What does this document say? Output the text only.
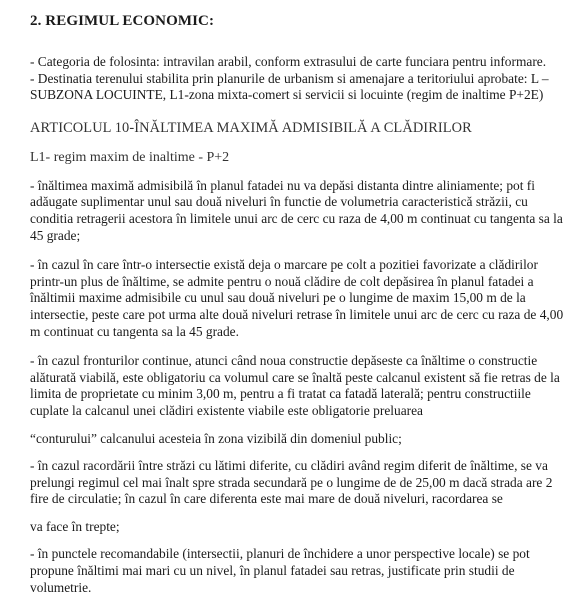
2. REGIMUL ECONOMIC:

- Categoria de folosinta: intravilan arabil, conform extrasului de carte funciara pentru informare.

- Destinatia terenului stabilita prin planurile de urbanism si amenajare a teritoriului aprobate: L – SUBZONA LOCUINTE, L1-zona mixta-comert si servicii si locuinte (regim de inaltime P+2E)

ARTICOLUL 10-ÎNĂLTIMEA MAXIMĂ ADMISIBILĂ A CLĂDIRILOR
L1- regim maxim de inaltime - P+2

- înăltimea maximă admisibilă în planul fatadei nu va depăsi distanta dintre aliniamente; pot fi adăugate suplimentar unul sau două niveluri în functie de volumetria caracteristică străzii, cu conditia retragerii acestora în limitele unui arc de cerc cu raza de 4,00 m continuat cu tangenta sa la 45 grade;

- în cazul în care într-o intersectie există deja o marcare pe colt a pozitiei favorizate a clădirilor printr-un plus de înăltime, se admite pentru o nouă clădire de colt depăsirea în planul fatadei a înăltimii maxime admisibile cu unul sau două niveluri pe o lungime de maxim 15,00 m de la intersectie, peste care pot urma alte două niveluri retrase în limitele unui arc de cerc cu raza de 4,00 m continuat cu tangenta sa la 45 grade.

- în cazul fronturilor continue, atunci când noua constructie depăseste ca înăltime o constructie alăturată viabilă, este obligatoriu ca volumul care se înaltă peste calcanul existent să fie retras de la limita de proprietate cu minim 3,00 m, pentru a fi tratat ca fatadă laterală; pentru constructiile cuplate la calcanul unei clădiri existente viabile este obligatorie preluarea

“conturului” calcanului acesteia în zona vizibilă din domeniul public;

- în cazul racordării între străzi cu lătimi diferite, cu clădiri având regim diferit de înăltime, se va prelungi regimul cel mai înalt spre strada secundară pe o lungime de de 25,00 m dacă strada are 2 fire de circulatie; în cazul în care diferenta este mai mare de două niveluri, racordarea se

va face în trepte;

- în punctele recomandabile (intersectii, planuri de închidere a unor perspective locale) se pot propune înăltimi mai mari cu un nivel, în planul fatadei sau retras, justificate prin studii de volumetrie.
